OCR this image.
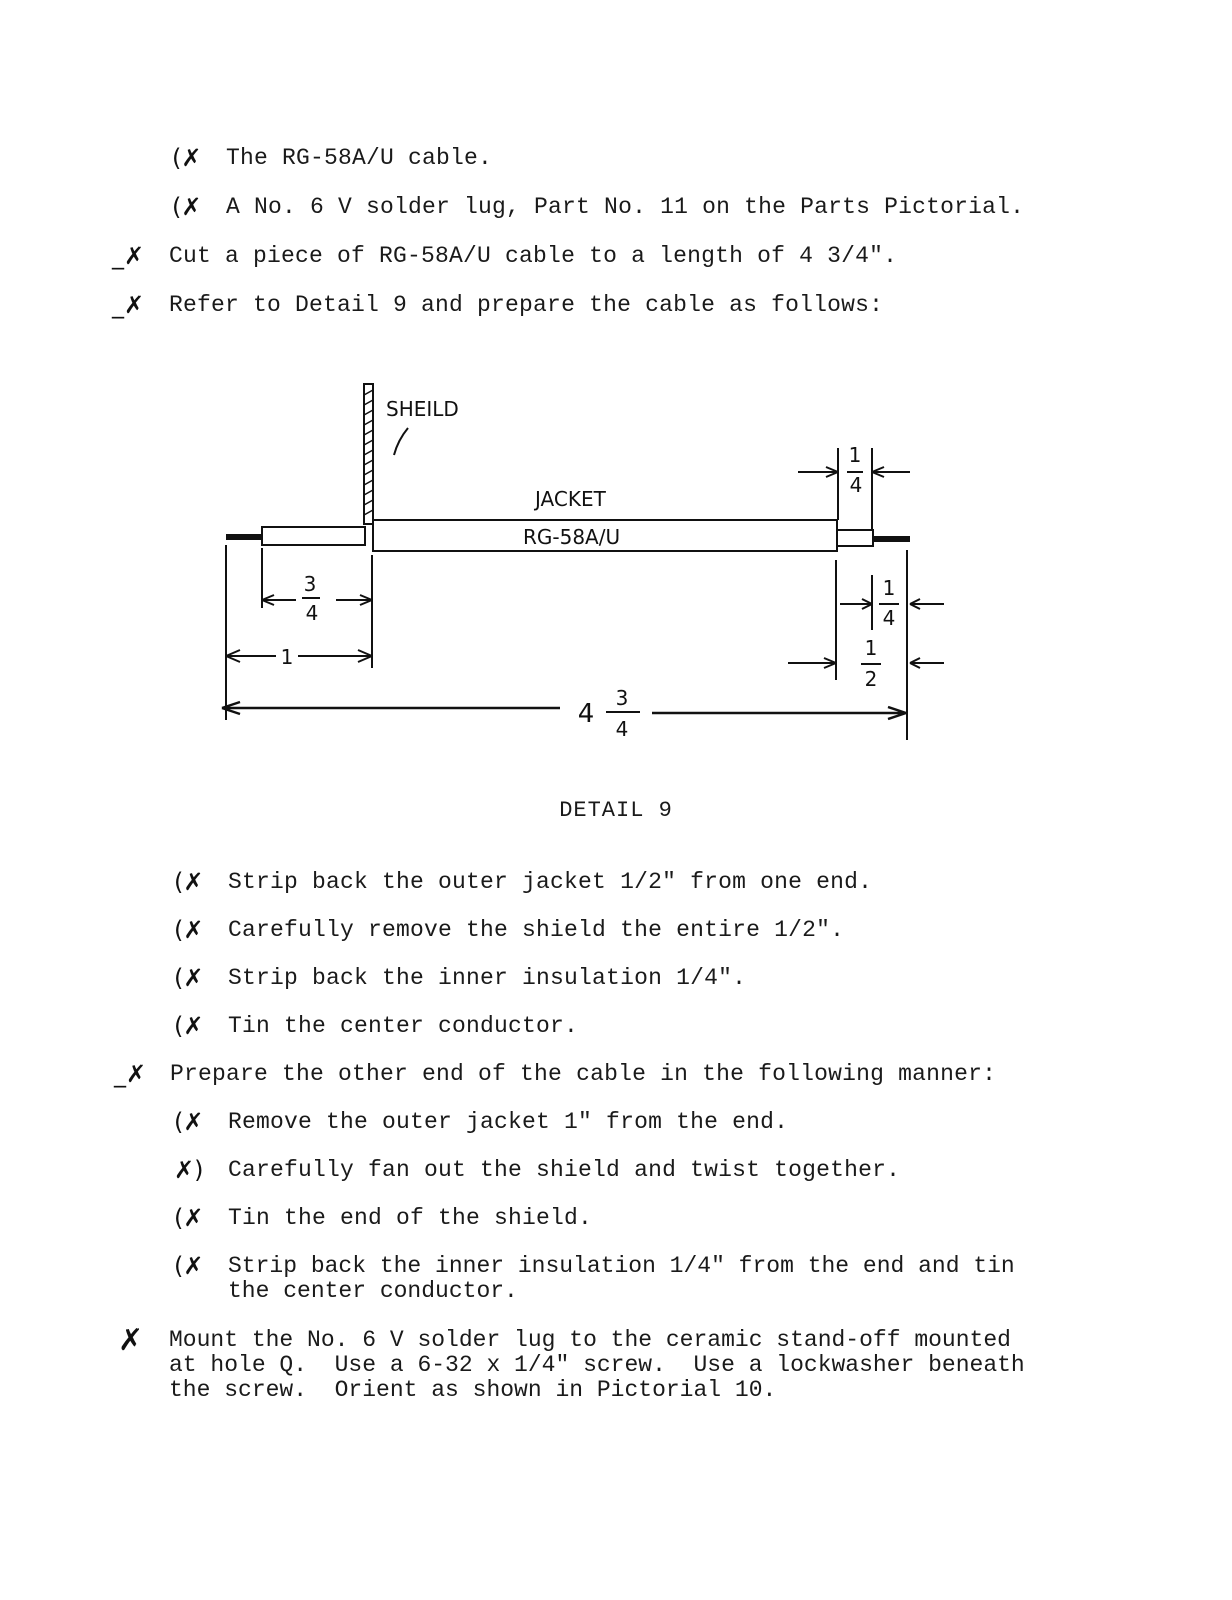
(✗ The RG-58A/U cable.
(✗ A No. 6 V solder lug, Part No. 11 on the Parts Pictorial.
_✗ Cut a piece of RG-58A/U cable to a length of 4 3/4".
_✗ Refer to Detail 9 and prepare the cable as follows:
SHEILD
JACKET
RG-58A/U
3
4
1
4
3
4
1
4
1
4
1
2
DETAIL 9
(✗ Strip back the outer jacket 1/2" from one end.
(✗ Carefully remove the shield the entire 1/2".
(✗ Strip back the inner insulation 1/4".
(✗ Tin the center conductor.
_✗ Prepare the other end of the cable in the following manner:
(✗ Remove the outer jacket 1" from the end.
✗) Carefully fan out the shield and twist together.
(✗ Tin the end of the shield.
(✗ Strip back the inner insulation 1/4" from the end and tin
the center conductor.
✗ Mount the No. 6 V solder lug to the ceramic stand-off mounted
at hole Q.  Use a 6-32 x 1/4" screw.  Use a lockwasher beneath
the screw.  Orient as shown in Pictorial 10.
